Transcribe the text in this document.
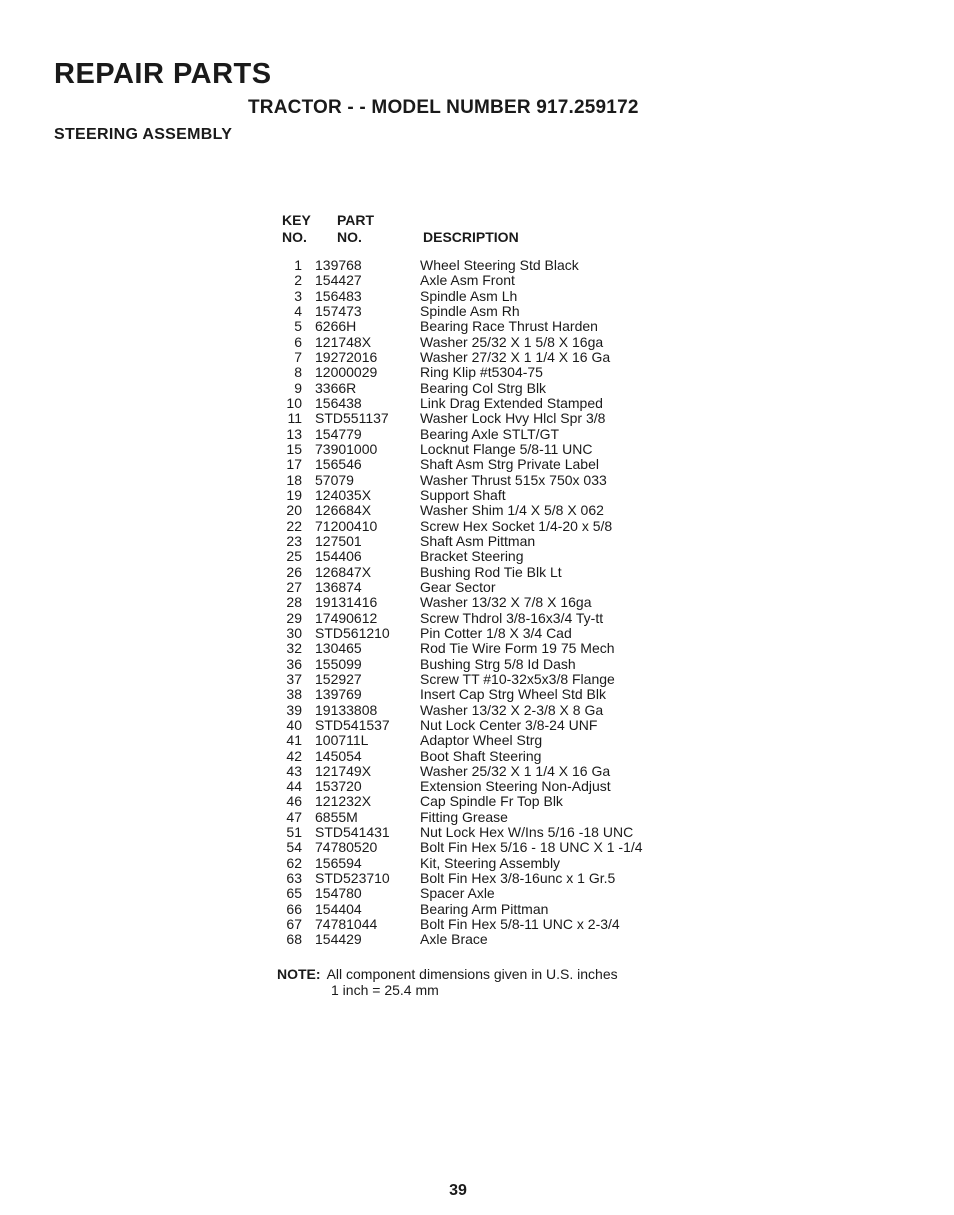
REPAIR PARTS
TRACTOR - - MODEL NUMBER 917.259172
STEERING ASSEMBLY
KEY PART
NO. NO.	DESCRIPTION
1 139768	Wheel Steering Std Black
2 154427	Axle Asm Front
3 156483	Spindle Asm Lh
4 157473	Spindle Asm Rh
5 6266H	Bearing Race Thrust Harden
6 121748X	Washer 25/32 X 1 5/8 X 16ga
7 19272016	Washer 27/32 X 1 1/4 X 16 Ga
8 12000029	Ring Klip #t5304-75
9 3366R	Bearing Col Strg Blk
10 156438	Link Drag Extended Stamped
11 STD551137 Washer Lock Hvy Hlcl Spr 3/8
13 154779	Bearing Axle STLT/GT
15 73901000	Locknut Flange 5/8-11 UNC
17 156546	Shaft Asm Strg Private Label
18 57079	Washer Thrust 515x 750x 033
19 124035X	Support Shaft
20 126684X	Washer Shim 1/4 X 5/8 X 062
22 71200410	Screw Hex Socket 1/4-20 x 5/8
23 127501	Shaft Asm Pittman
25 154406	Bracket Steering
26 126847X	Bushing Rod Tie Blk Lt
27 136874	Gear Sector
28 19131416	Washer 13/32 X 7/8 X 16ga
29 17490612	Screw Thdrol 3/8-16x3/4 Ty-tt
30 STD561210 Pin Cotter 1/8 X 3/4 Cad
32 130465	Rod Tie Wire Form 19 75 Mech
36 155099	Bushing Strg 5/8 Id Dash
37 152927	Screw TT #10-32x5x3/8 Flange
38 139769	Insert Cap Strg Wheel Std Blk
39 19133808	Washer 13/32 X 2-3/8 X 8 Ga
40 STD541537 Nut Lock Center 3/8-24 UNF
41 100711L	Adaptor Wheel Strg
42 145054	Boot Shaft Steering
43 121749X	Washer 25/32 X 1 1/4 X 16 Ga
44 153720	Extension Steering Non-Adjust
46 121232X	Cap Spindle Fr Top Blk
47 6855M	Fitting Grease
51 STD541431 Nut Lock Hex W/Ins 5/16 -18 UNC
54 74780520	Bolt Fin Hex 5/16 - 18 UNC X 1 -1/4
62 156594	Kit, Steering Assembly
63 STD523710 Bolt Fin Hex 3/8-16unc x 1 Gr.5
65 154780	Spacer Axle
66 154404	Bearing Arm Pittman
67 74781044	Bolt Fin Hex 5/8-11 UNC x 2-3/4
68 154429	Axle Brace
NOTE: All component dimensions given in U.S. inches
1 inch = 25.4 mm
39
